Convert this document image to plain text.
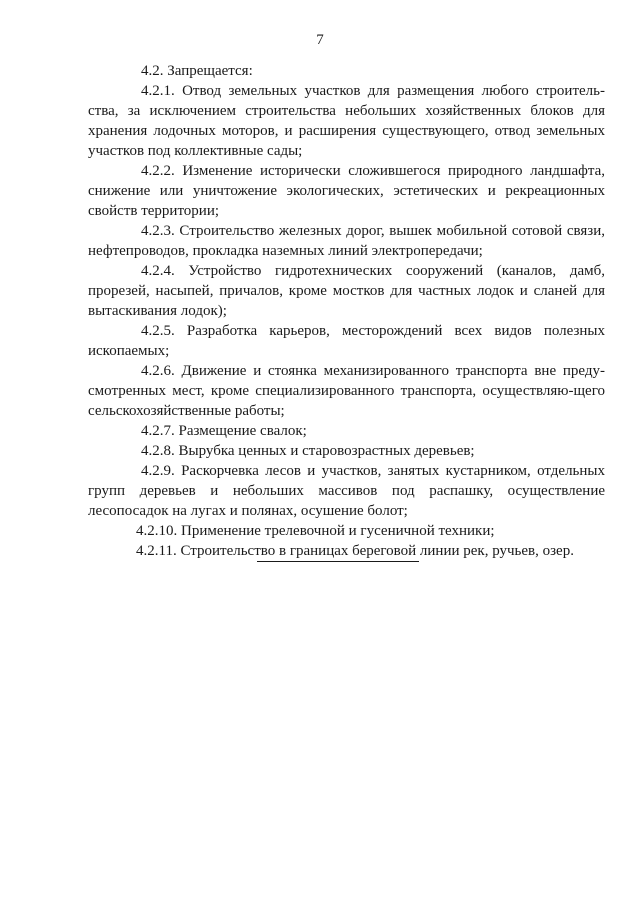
7

4.2. Запрещается:

4.2.1. Отвод земельных участков для размещения любого строитель-ства, за исключением строительства небольших хозяйственных блоков для хранения лодочных моторов, и расширения существующего, отвод земельных участков под коллективные сады;

4.2.2. Изменение исторически сложившегося природного ландшафта, снижение или уничтожение экологических, эстетических и рекреационных свойств территории;

4.2.3. Строительство железных дорог, вышек мобильной сотовой связи, нефтепроводов, прокладка наземных линий электропередачи;

4.2.4. Устройство гидротехнических сооружений (каналов, дамб, прорезей, насыпей, причалов, кроме мостков для частных лодок и сланей для вытаскивания лодок);

4.2.5. Разработка карьеров, месторождений всех видов полезных ископаемых;

4.2.6. Движение и стоянка механизированного транспорта вне преду-смотренных мест, кроме специализированного транспорта, осуществляю-щего сельскохозяйственные работы;

4.2.7. Размещение свалок;

4.2.8. Вырубка ценных и старовозрастных деревьев;

4.2.9. Раскорчевка лесов и участков, занятых кустарником, отдельных групп деревьев и небольших массивов под распашку, осуществление лесопосадок на лугах и полянах, осушение болот;

4.2.10. Применение трелевочной и гусеничной техники;

4.2.11. Строительство в границах береговой линии рек, ручьев, озер.
